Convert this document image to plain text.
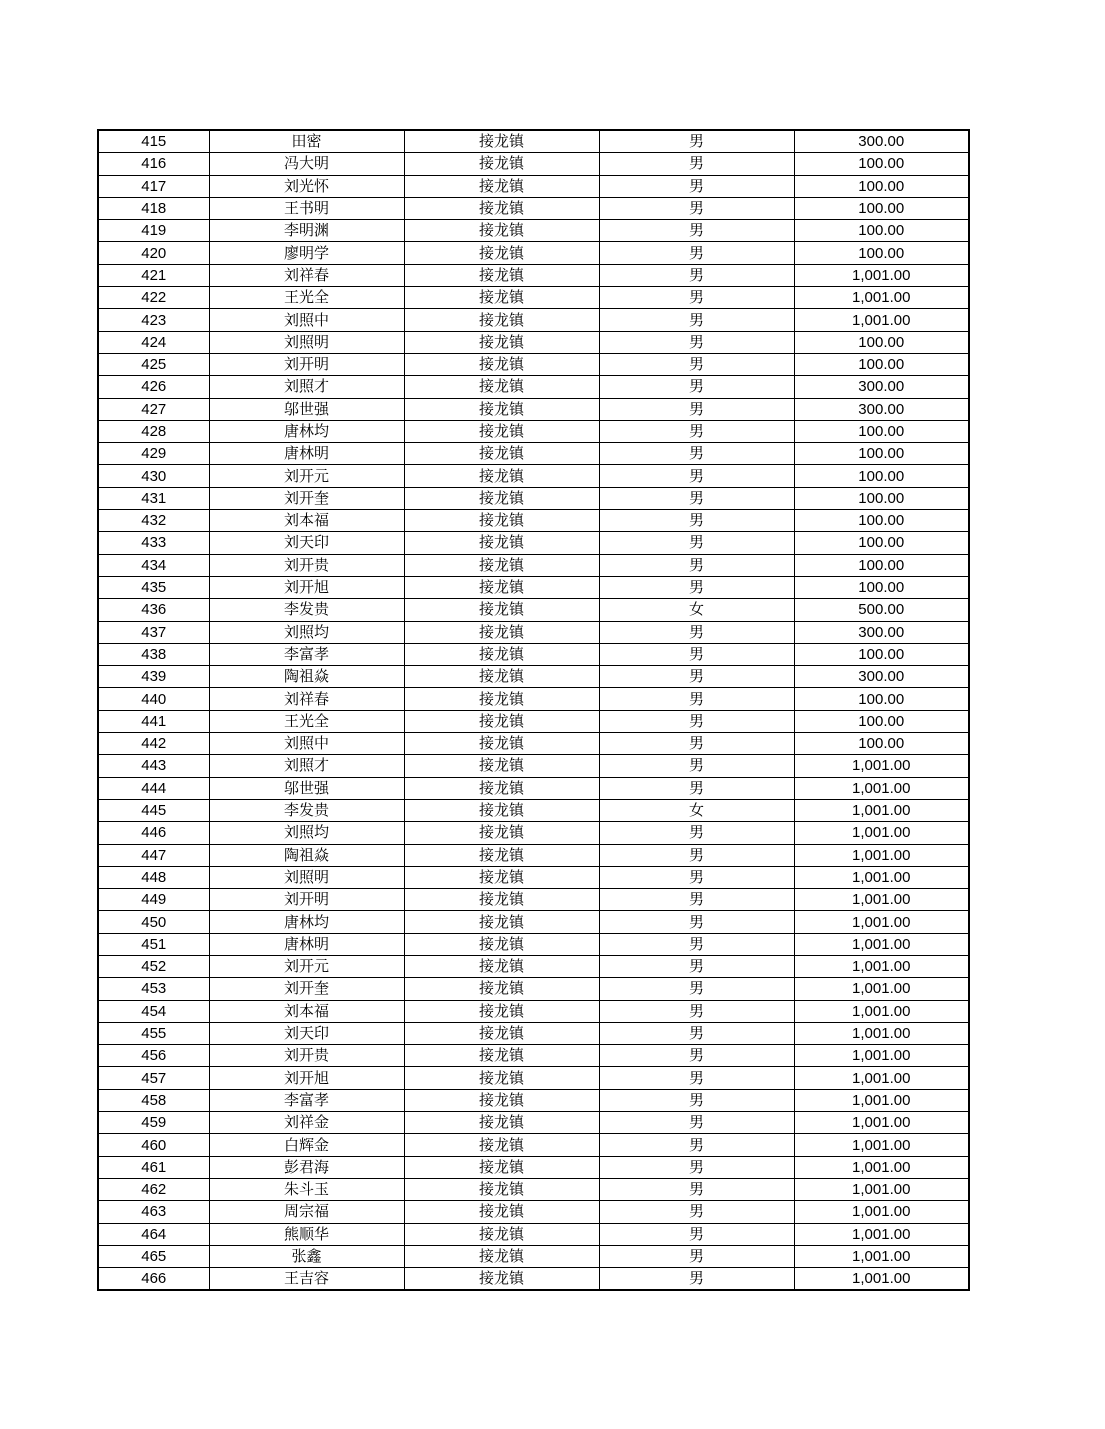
415	田密	接龙镇	男	300.00
416	冯大明	接龙镇	男	100.00
417	刘光怀	接龙镇	男	100.00
418	王书明	接龙镇	男	100.00
419	李明渊	接龙镇	男	100.00
420	廖明学	接龙镇	男	100.00
421	刘祥春	接龙镇	男	1,001.00
422	王光全	接龙镇	男	1,001.00
423	刘照中	接龙镇	男	1,001.00
424	刘照明	接龙镇	男	100.00
425	刘开明	接龙镇	男	100.00
426	刘照才	接龙镇	男	300.00
427	邬世强	接龙镇	男	300.00
428	唐林均	接龙镇	男	100.00
429	唐林明	接龙镇	男	100.00
430	刘开元	接龙镇	男	100.00
431	刘开奎	接龙镇	男	100.00
432	刘本福	接龙镇	男	100.00
433	刘天印	接龙镇	男	100.00
434	刘开贵	接龙镇	男	100.00
435	刘开旭	接龙镇	男	100.00
436	李发贵	接龙镇	女	500.00
437	刘照均	接龙镇	男	300.00
438	李富孝	接龙镇	男	100.00
439	陶祖焱	接龙镇	男	300.00
440	刘祥春	接龙镇	男	100.00
441	王光全	接龙镇	男	100.00
442	刘照中	接龙镇	男	100.00
443	刘照才	接龙镇	男	1,001.00
444	邬世强	接龙镇	男	1,001.00
445	李发贵	接龙镇	女	1,001.00
446	刘照均	接龙镇	男	1,001.00
447	陶祖焱	接龙镇	男	1,001.00
448	刘照明	接龙镇	男	1,001.00
449	刘开明	接龙镇	男	1,001.00
450	唐林均	接龙镇	男	1,001.00
451	唐林明	接龙镇	男	1,001.00
452	刘开元	接龙镇	男	1,001.00
453	刘开奎	接龙镇	男	1,001.00
454	刘本福	接龙镇	男	1,001.00
455	刘天印	接龙镇	男	1,001.00
456	刘开贵	接龙镇	男	1,001.00
457	刘开旭	接龙镇	男	1,001.00
458	李富孝	接龙镇	男	1,001.00
459	刘祥金	接龙镇	男	1,001.00
460	白辉金	接龙镇	男	1,001.00
461	彭君海	接龙镇	男	1,001.00
462	朱斗玉	接龙镇	男	1,001.00
463	周宗福	接龙镇	男	1,001.00
464	熊顺华	接龙镇	男	1,001.00
465	张鑫	接龙镇	男	1,001.00
466	王吉容	接龙镇	男	1,001.00
